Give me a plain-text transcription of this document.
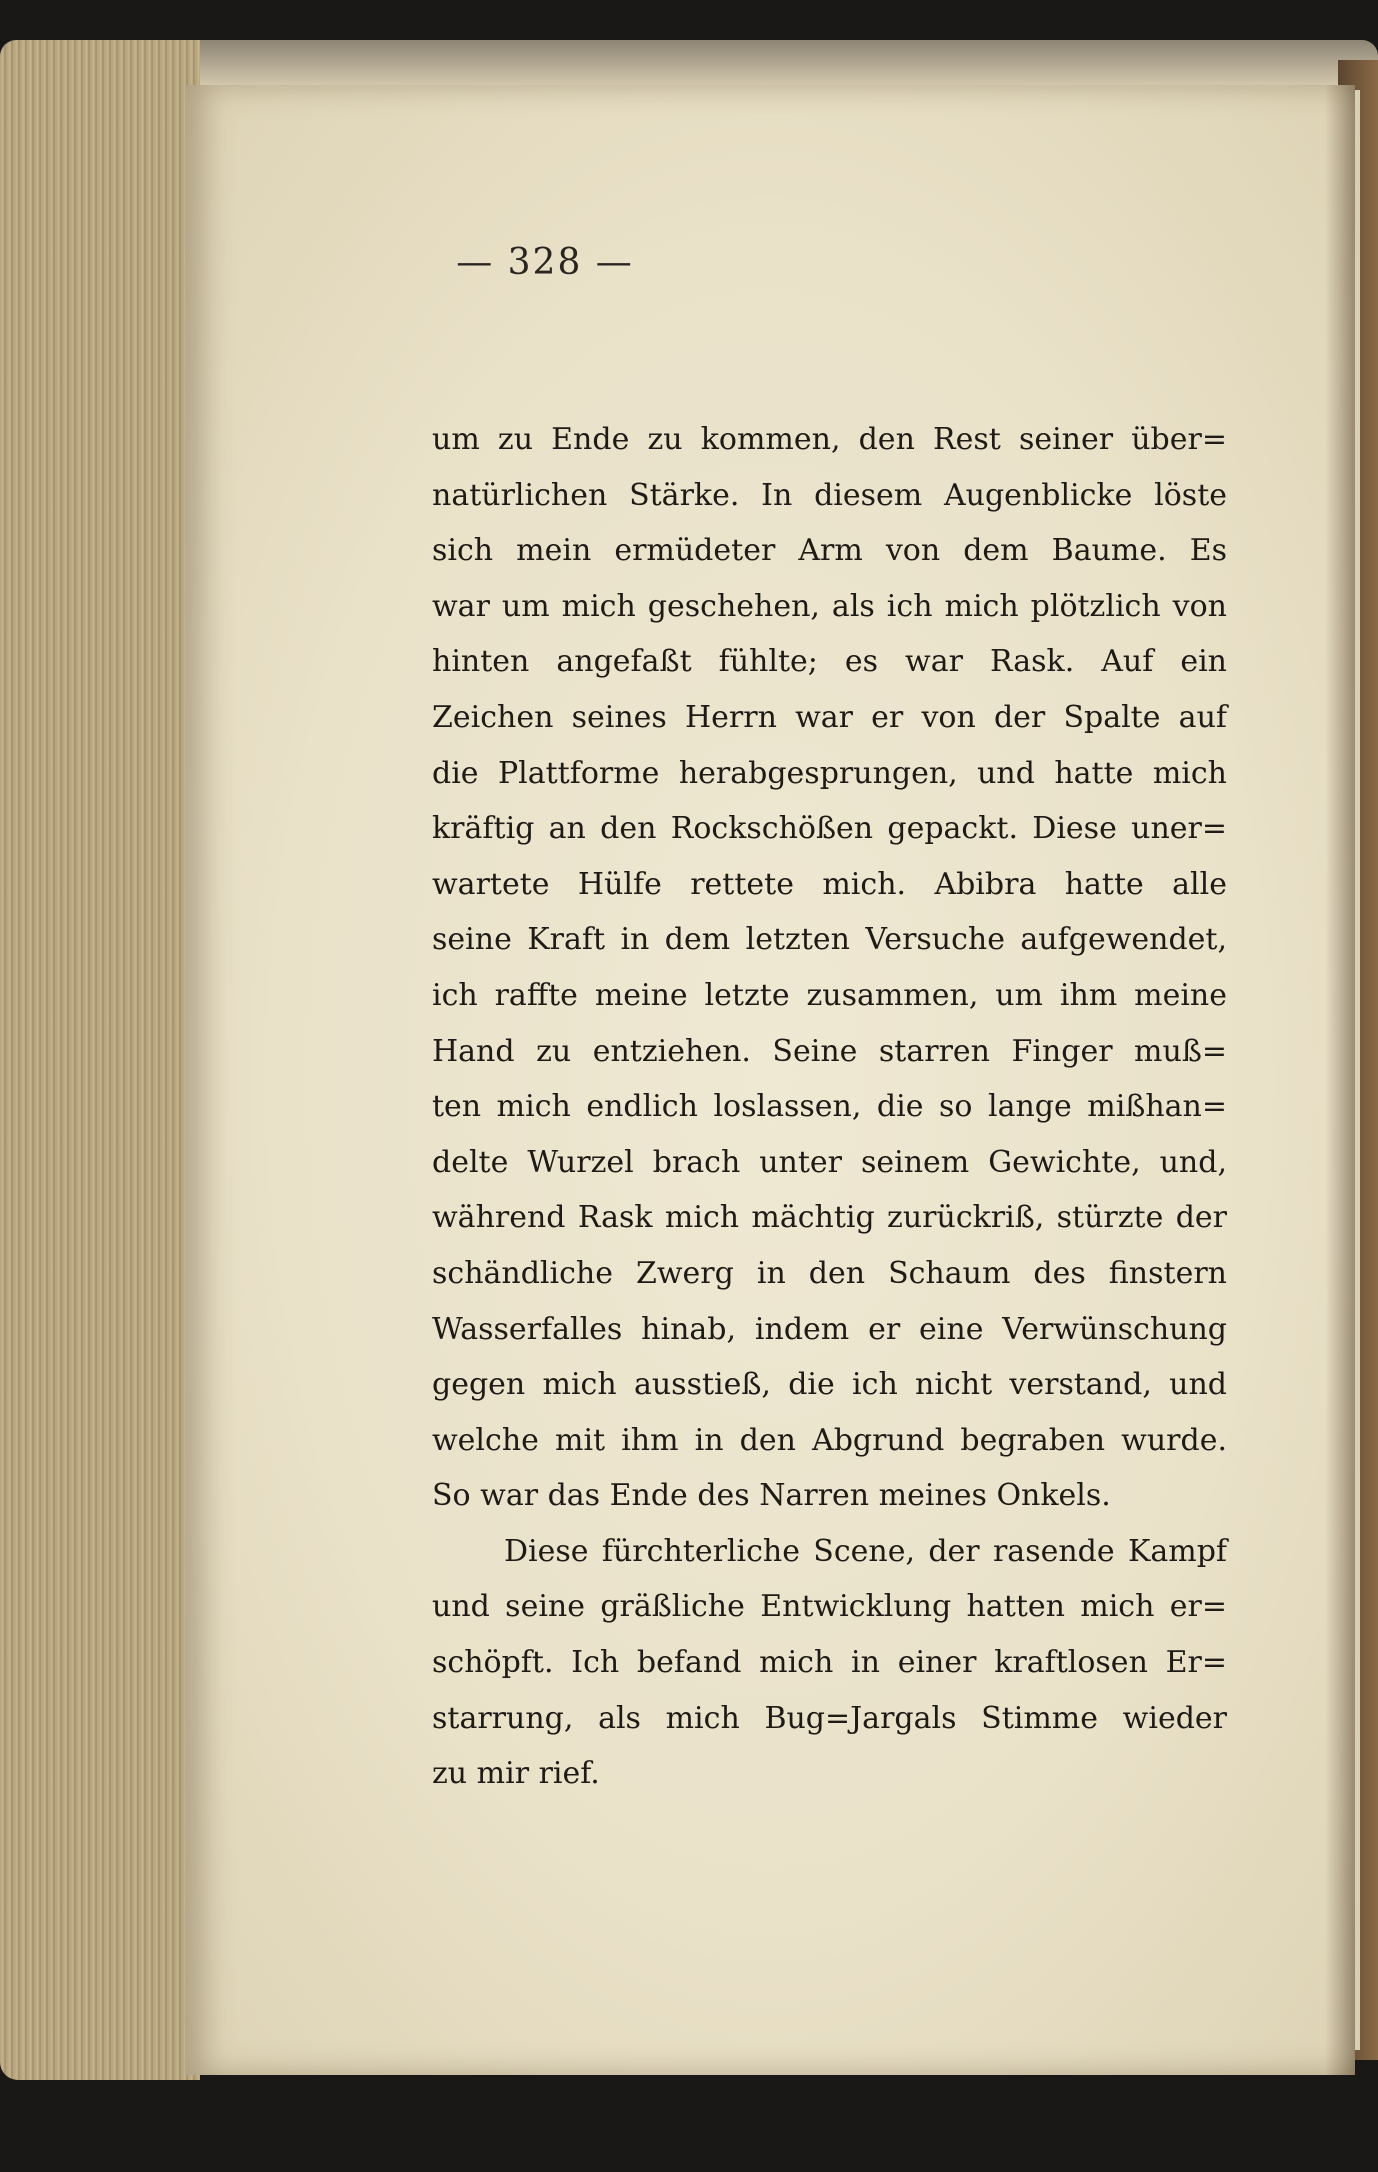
— 328 —
um zu Ende zu kommen, den Rest seiner über=
natürlichen Stärke. In diesem Augenblicke löste
sich mein ermüdeter Arm von dem Baume. Es
war um mich geschehen, als ich mich plötzlich von
hinten angefaßt fühlte; es war Rask. Auf ein
Zeichen seines Herrn war er von der Spalte auf
die Plattforme herabgesprungen, und hatte mich
kräftig an den Rockschößen gepackt. Diese uner=
wartete Hülfe rettete mich. Abibra hatte alle
seine Kraft in dem letzten Versuche aufgewendet,
ich raffte meine letzte zusammen, um ihm meine
Hand zu entziehen. Seine starren Finger muß=
ten mich endlich loslassen, die so lange mißhan=
delte Wurzel brach unter seinem Gewichte, und,
während Rask mich mächtig zurückriß, stürzte der
schändliche Zwerg in den Schaum des finstern
Wasserfalles hinab, indem er eine Verwünschung
gegen mich ausstieß, die ich nicht verstand, und
welche mit ihm in den Abgrund begraben wurde.
So war das Ende des Narren meines Onkels.
Diese fürchterliche Scene, der rasende Kampf
und seine gräßliche Entwicklung hatten mich er=
schöpft. Ich befand mich in einer kraftlosen Er=
starrung, als mich Bug=Jargals Stimme wieder
zu mir rief.
